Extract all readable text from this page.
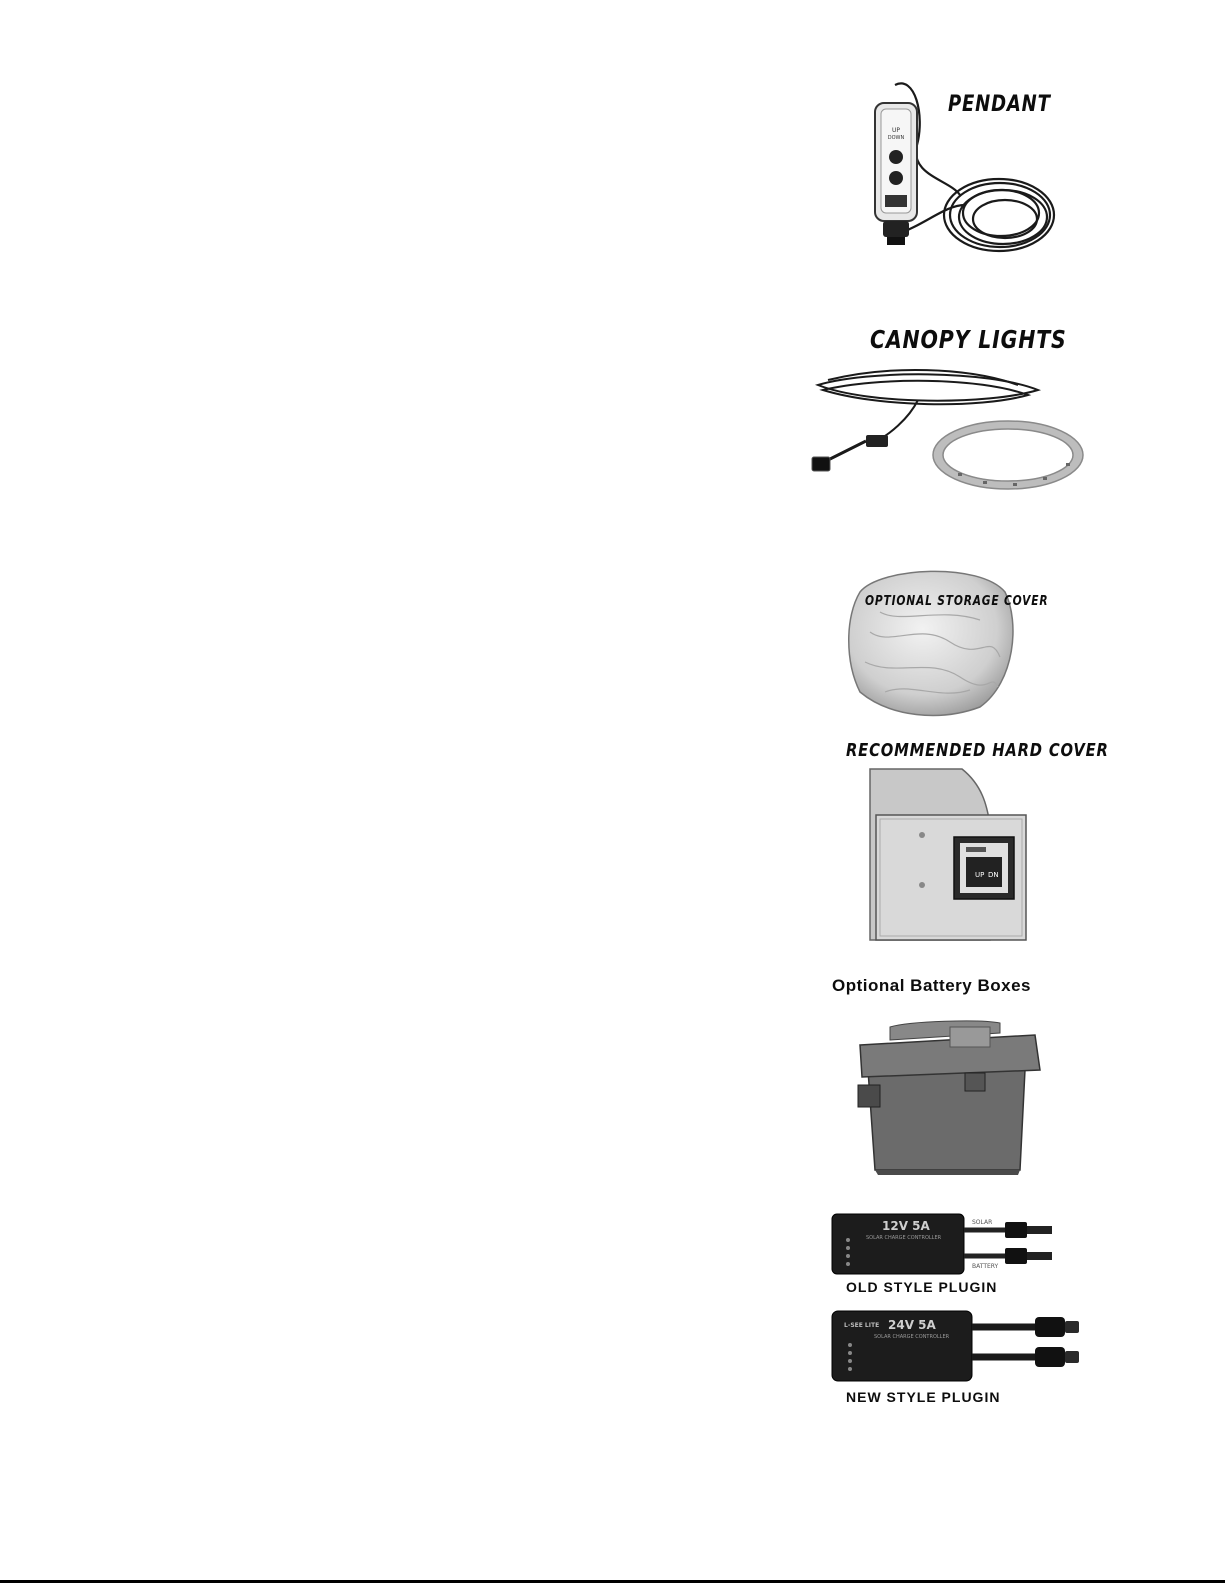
UP
DOWN
PENDANT
CANOPY LIGHTS
OPTIONAL STORAGE COVER
RECOMMENDED HARD COVER
UP DN
Optional Battery Boxes
12V 5A
SOLAR CHARGE CONTROLLER
SOLAR
BATTERY
OLD STYLE PLUGIN
L-SEE LITE 24V 5A
SOLAR CHARGE CONTROLLER
NEW STYLE PLUGIN
